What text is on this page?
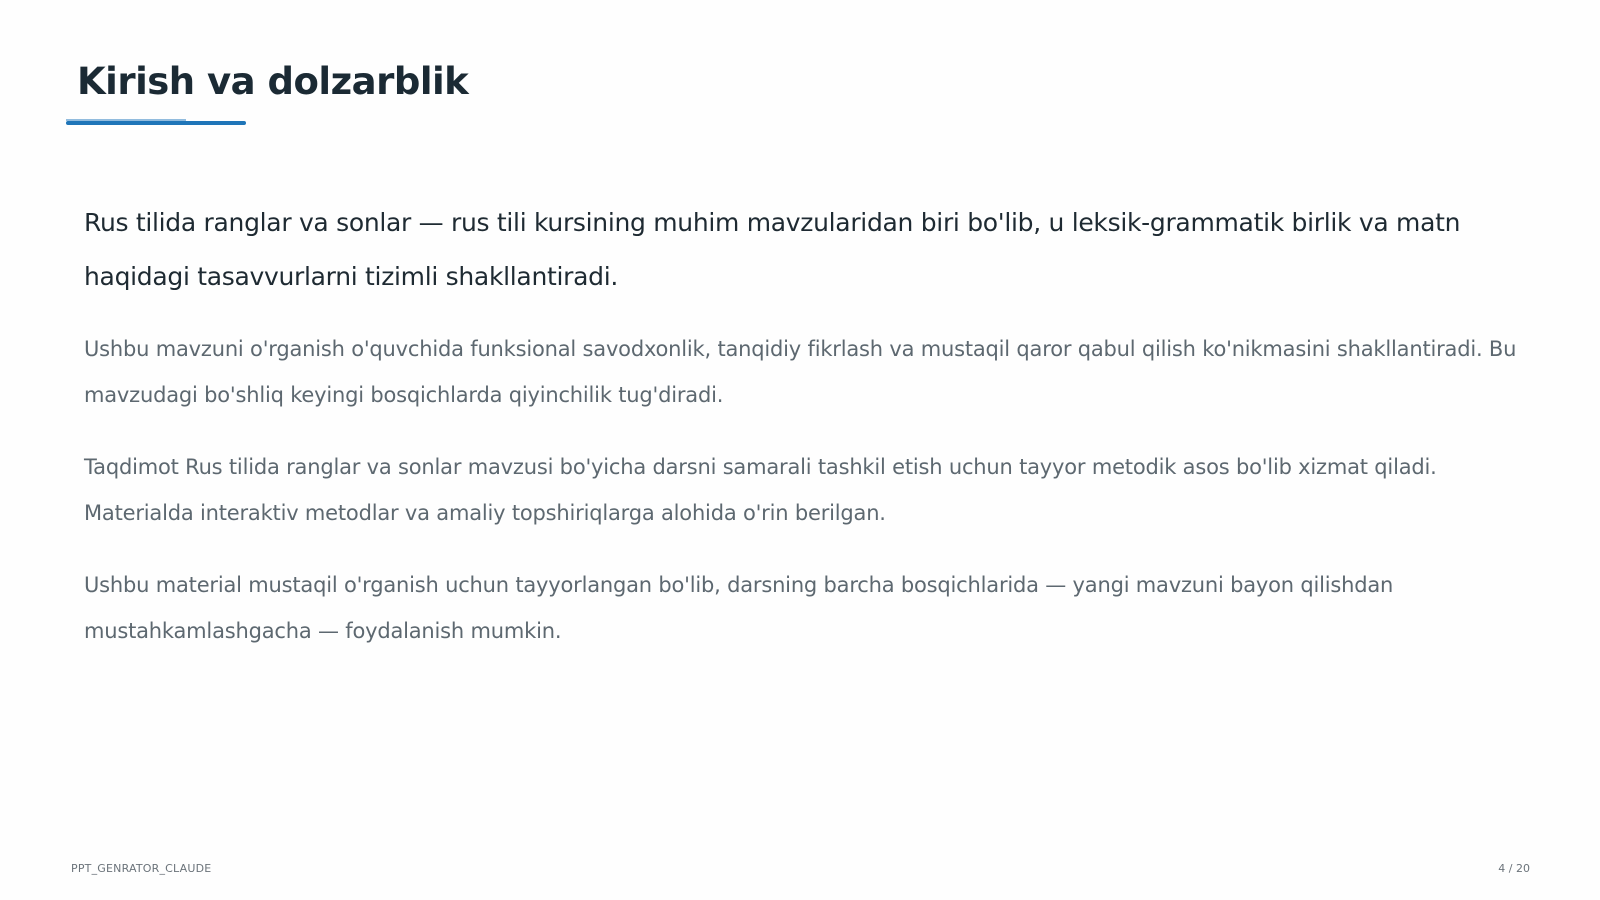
Kirish va dolzarblik

Rus tilida ranglar va sonlar — rus tili kursining muhim mavzularidan biri bo'lib, u leksik-grammatik birlik va matn haqidagi tasavvurlarni tizimli shakllantiradi.

Ushbu mavzuni o'rganish o'quvchida funksional savodxonlik, tanqidiy fikrlash va mustaqil qaror qabul qilish ko'nikmasini shakllantiradi. Bu mavzudagi bo'shliq keyingi bosqichlarda qiyinchilik tug'diradi.

Taqdimot Rus tilida ranglar va sonlar mavzusi bo'yicha darsni samarali tashkil etish uchun tayyor metodik asos bo'lib xizmat qiladi. Materialda interaktiv metodlar va amaliy topshiriqlarga alohida o'rin berilgan.

Ushbu material mustaqil o'rganish uchun tayyorlangan bo'lib, darsning barcha bosqichlarida — yangi mavzuni bayon qilishdan mustahkamlashgacha — foydalanish mumkin.

PPT_GENRATOR_CLAUDE	4 / 20
